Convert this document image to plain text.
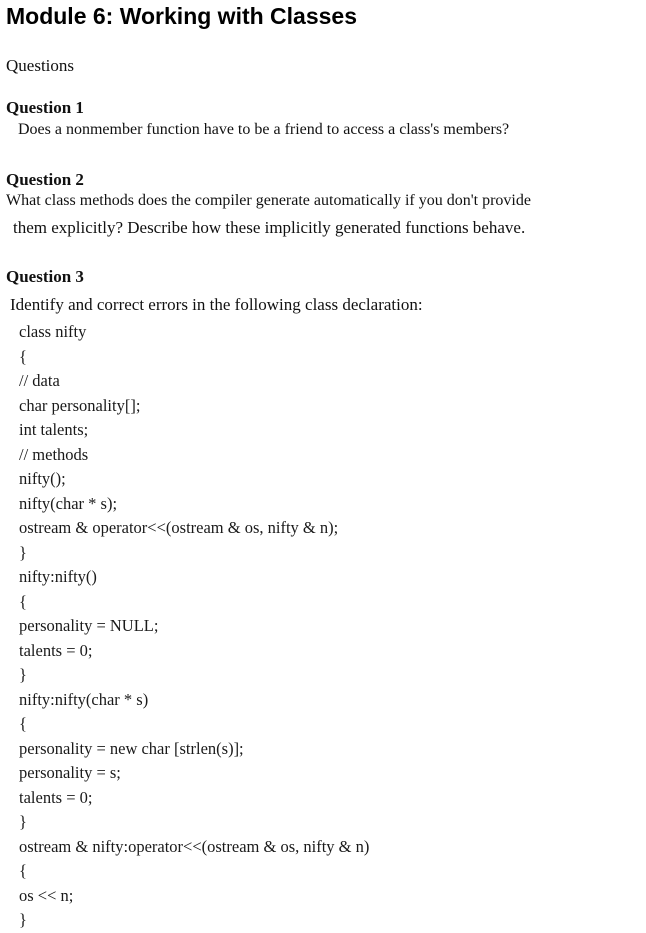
Module 6: Working with Classes
Questions
Question 1

Does a nonmember function have to be a friend to access a class's members?

Question 2

What class methods does the compiler generate automatically if you don't provide

them explicitly? Describe how these implicitly generated functions behave.

Question 3

Identify and correct errors in the following class declaration:

class nifty
{
// data
char personality[];
int talents;
// methods
nifty();
nifty(char * s);
ostream & operator<<(ostream & os, nifty & n);
}
nifty:nifty()
{
personality = NULL;
talents = 0;
}
nifty:nifty(char * s)
{
personality = new char [strlen(s)];
personality = s;
talents = 0;
}
ostream & nifty:operator<<(ostream & os, nifty & n)
{
os << n;
}
